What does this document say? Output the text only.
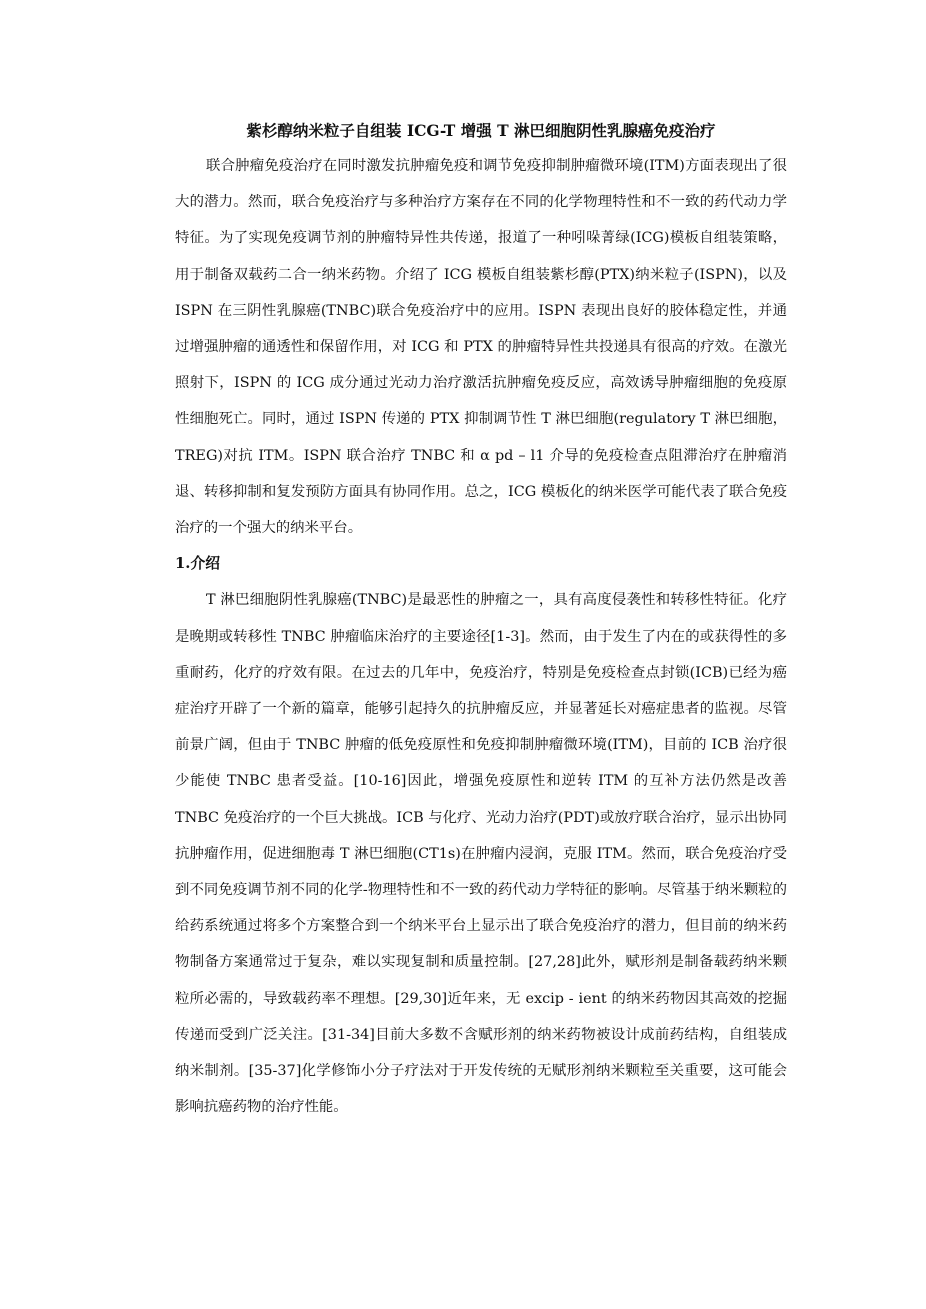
紫杉醇纳米粒子自组装 ICG-T 增强 T 淋巴细胞阴性乳腺癌免疫治疗

联合肿瘤免疫治疗在同时激发抗肿瘤免疫和调节免疫抑制肿瘤微环境(ITM)方面表现出了很大的潜力。然而，联合免疫治疗与多种治疗方案存在不同的化学物理特性和不一致的药代动力学特征。为了实现免疫调节剂的肿瘤特异性共传递，报道了一种吲哚菁绿(ICG)模板自组装策略，用于制备双载药二合一纳米药物。介绍了 ICG 模板自组装紫杉醇(PTX)纳米粒子(ISPN)，以及 ISPN 在三阴性乳腺癌(TNBC)联合免疫治疗中的应用。ISPN 表现出良好的胶体稳定性，并通过增强肿瘤的通透性和保留作用，对 ICG 和 PTX 的肿瘤特异性共投递具有很高的疗效。在激光照射下，ISPN 的 ICG 成分通过光动力治疗激活抗肿瘤免疫反应，高效诱导肿瘤细胞的免疫原性细胞死亡。同时，通过 ISPN 传递的 PTX 抑制调节性 T 淋巴细胞(regulatory T 淋巴细胞，TREG)对抗 ITM。ISPN 联合治疗 TNBC 和 α pd – l1 介导的免疫检查点阻滞治疗在肿瘤消退、转移抑制和复发预防方面具有协同作用。总之，ICG 模板化的纳米医学可能代表了联合免疫治疗的一个强大的纳米平台。

1.介绍

T 淋巴细胞阴性乳腺癌(TNBC)是最恶性的肿瘤之一，具有高度侵袭性和转移性特征。化疗是晚期或转移性 TNBC 肿瘤临床治疗的主要途径[1-3]。然而，由于发生了内在的或获得性的多重耐药，化疗的疗效有限。在过去的几年中，免疫治疗，特别是免疫检查点封锁(ICB)已经为癌症治疗开辟了一个新的篇章，能够引起持久的抗肿瘤反应，并显著延长对癌症患者的监视。尽管前景广阔，但由于 TNBC 肿瘤的低免疫原性和免疫抑制肿瘤微环境(ITM)，目前的 ICB 治疗很少能使 TNBC 患者受益。[10-16]因此，增强免疫原性和逆转 ITM 的互补方法仍然是改善 TNBC 免疫治疗的一个巨大挑战。ICB 与化疗、光动力治疗(PDT)或放疗联合治疗，显示出协同抗肿瘤作用，促进细胞毒 T 淋巴细胞(CT1s)在肿瘤内浸润，克服 ITM。然而，联合免疫治疗受到不同免疫调节剂不同的化学-物理特性和不一致的药代动力学特征的影响。尽管基于纳米颗粒的给药系统通过将多个方案整合到一个纳米平台上显示出了联合免疫治疗的潜力，但目前的纳米药物制备方案通常过于复杂，难以实现复制和质量控制。[27,28]此外，赋形剂是制备载药纳米颗粒所必需的，导致载药率不理想。[29,30]近年来，无 excip - ient 的纳米药物因其高效的挖掘传递而受到广泛关注。[31-34]目前大多数不含赋形剂的纳米药物被设计成前药结构，自组装成纳米制剂。[35-37]化学修饰小分子疗法对于开发传统的无赋形剂纳米颗粒至关重要，这可能会影响抗癌药物的治疗性能。
